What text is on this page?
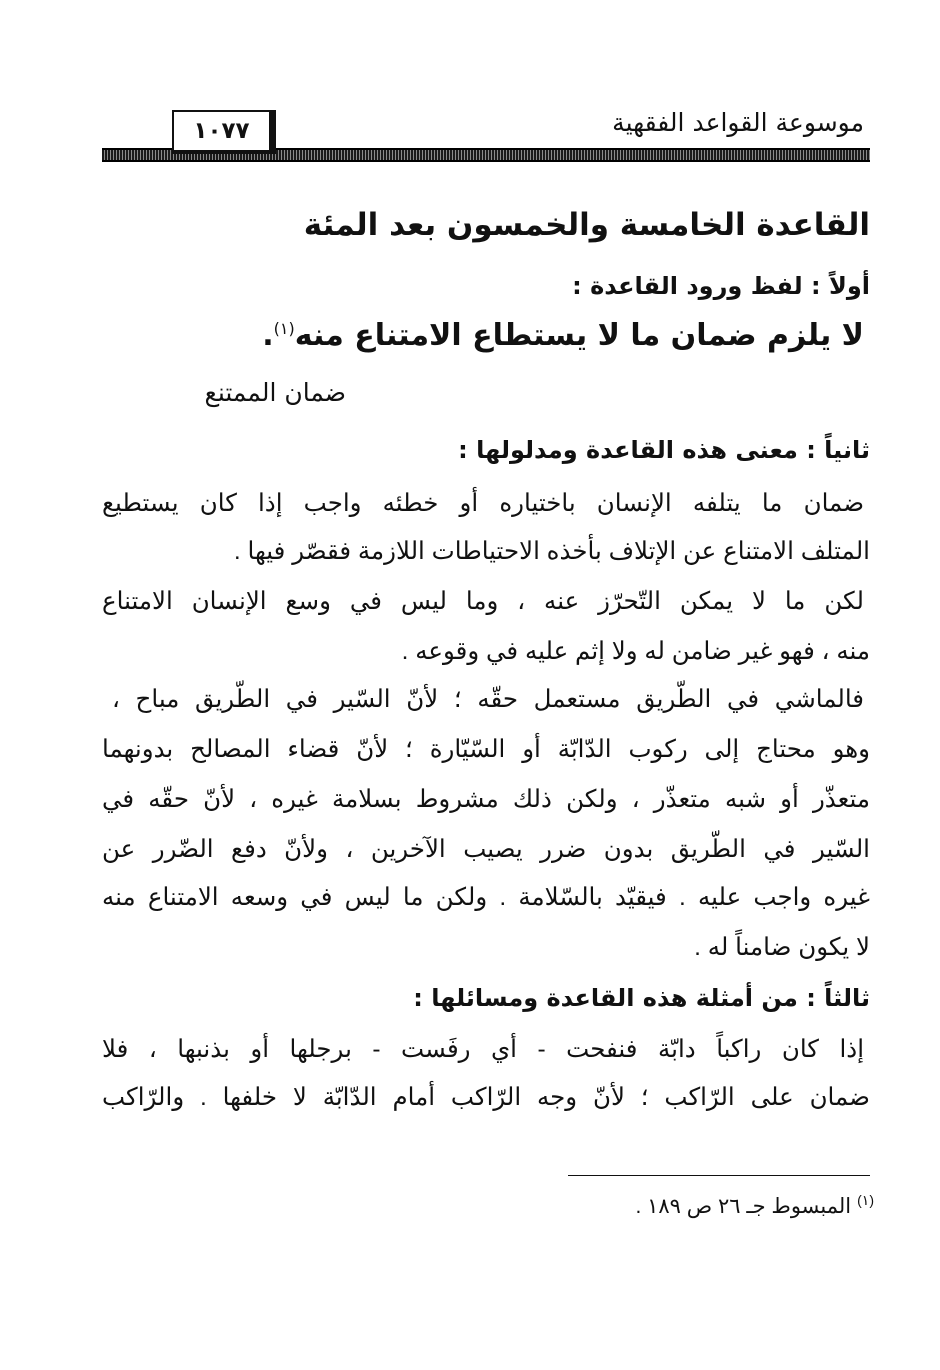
١٠٧٧	موسوعة القواعد الفقهية
القاعدة الخامسة والخمسون بعد المئة
أولاً : لفظ ورود القاعدة :
لا يلزم ضمان ما لا يستطاع الامتناع منه$^{(١)}$.
ضمان الممتنع
ثانياً : معنى هذه القاعدة ومدلولها :
ضمان ما يتلفه الإنسان باختياره أو خطئه واجب إذا كان يستطيع
المتلف الامتناع عن الإتلاف بأخذه الاحتياطات اللازمة فقصّر فيها .
لكن ما لا يمكن التّحرّز عنه ، وما ليس في وسع الإنسان الامتناع
منه ، فهو غير ضامن له ولا إثم عليه في وقوعه .
فالماشي في الطّريق مستعمل حقّه ؛ لأنّ السّير في الطّريق مباح ،
وهو محتاج إلى ركوب الدّابّة أو السّيّارة ؛ لأنّ قضاء المصالح بدونهما
متعذّر أو شبه متعذّر ، ولكن ذلك مشروط بسلامة غيره ، لأنّ حقّه في
السّير في الطّريق بدون ضرر يصيب الآخرين ، ولأنّ دفع الضّرر عن
غيره واجب عليه . فيقيّد بالسّلامة . ولكن ما ليس في وسعه الامتناع منه
لا يكون ضامناً له .
ثالثاً : من أمثلة هذه القاعدة ومسائلها :
إذا كان راكباً دابّة فنفحت - أي رفَست - برجلها أو بذنبها ، فلا
ضمان على الرّاكب ؛ لأنّ وجه الرّاكب أمام الدّابّة لا خلفها . والرّاكب
$^{(١)}$المبسوط جـ ٢٦ ص ١٨٩ .
